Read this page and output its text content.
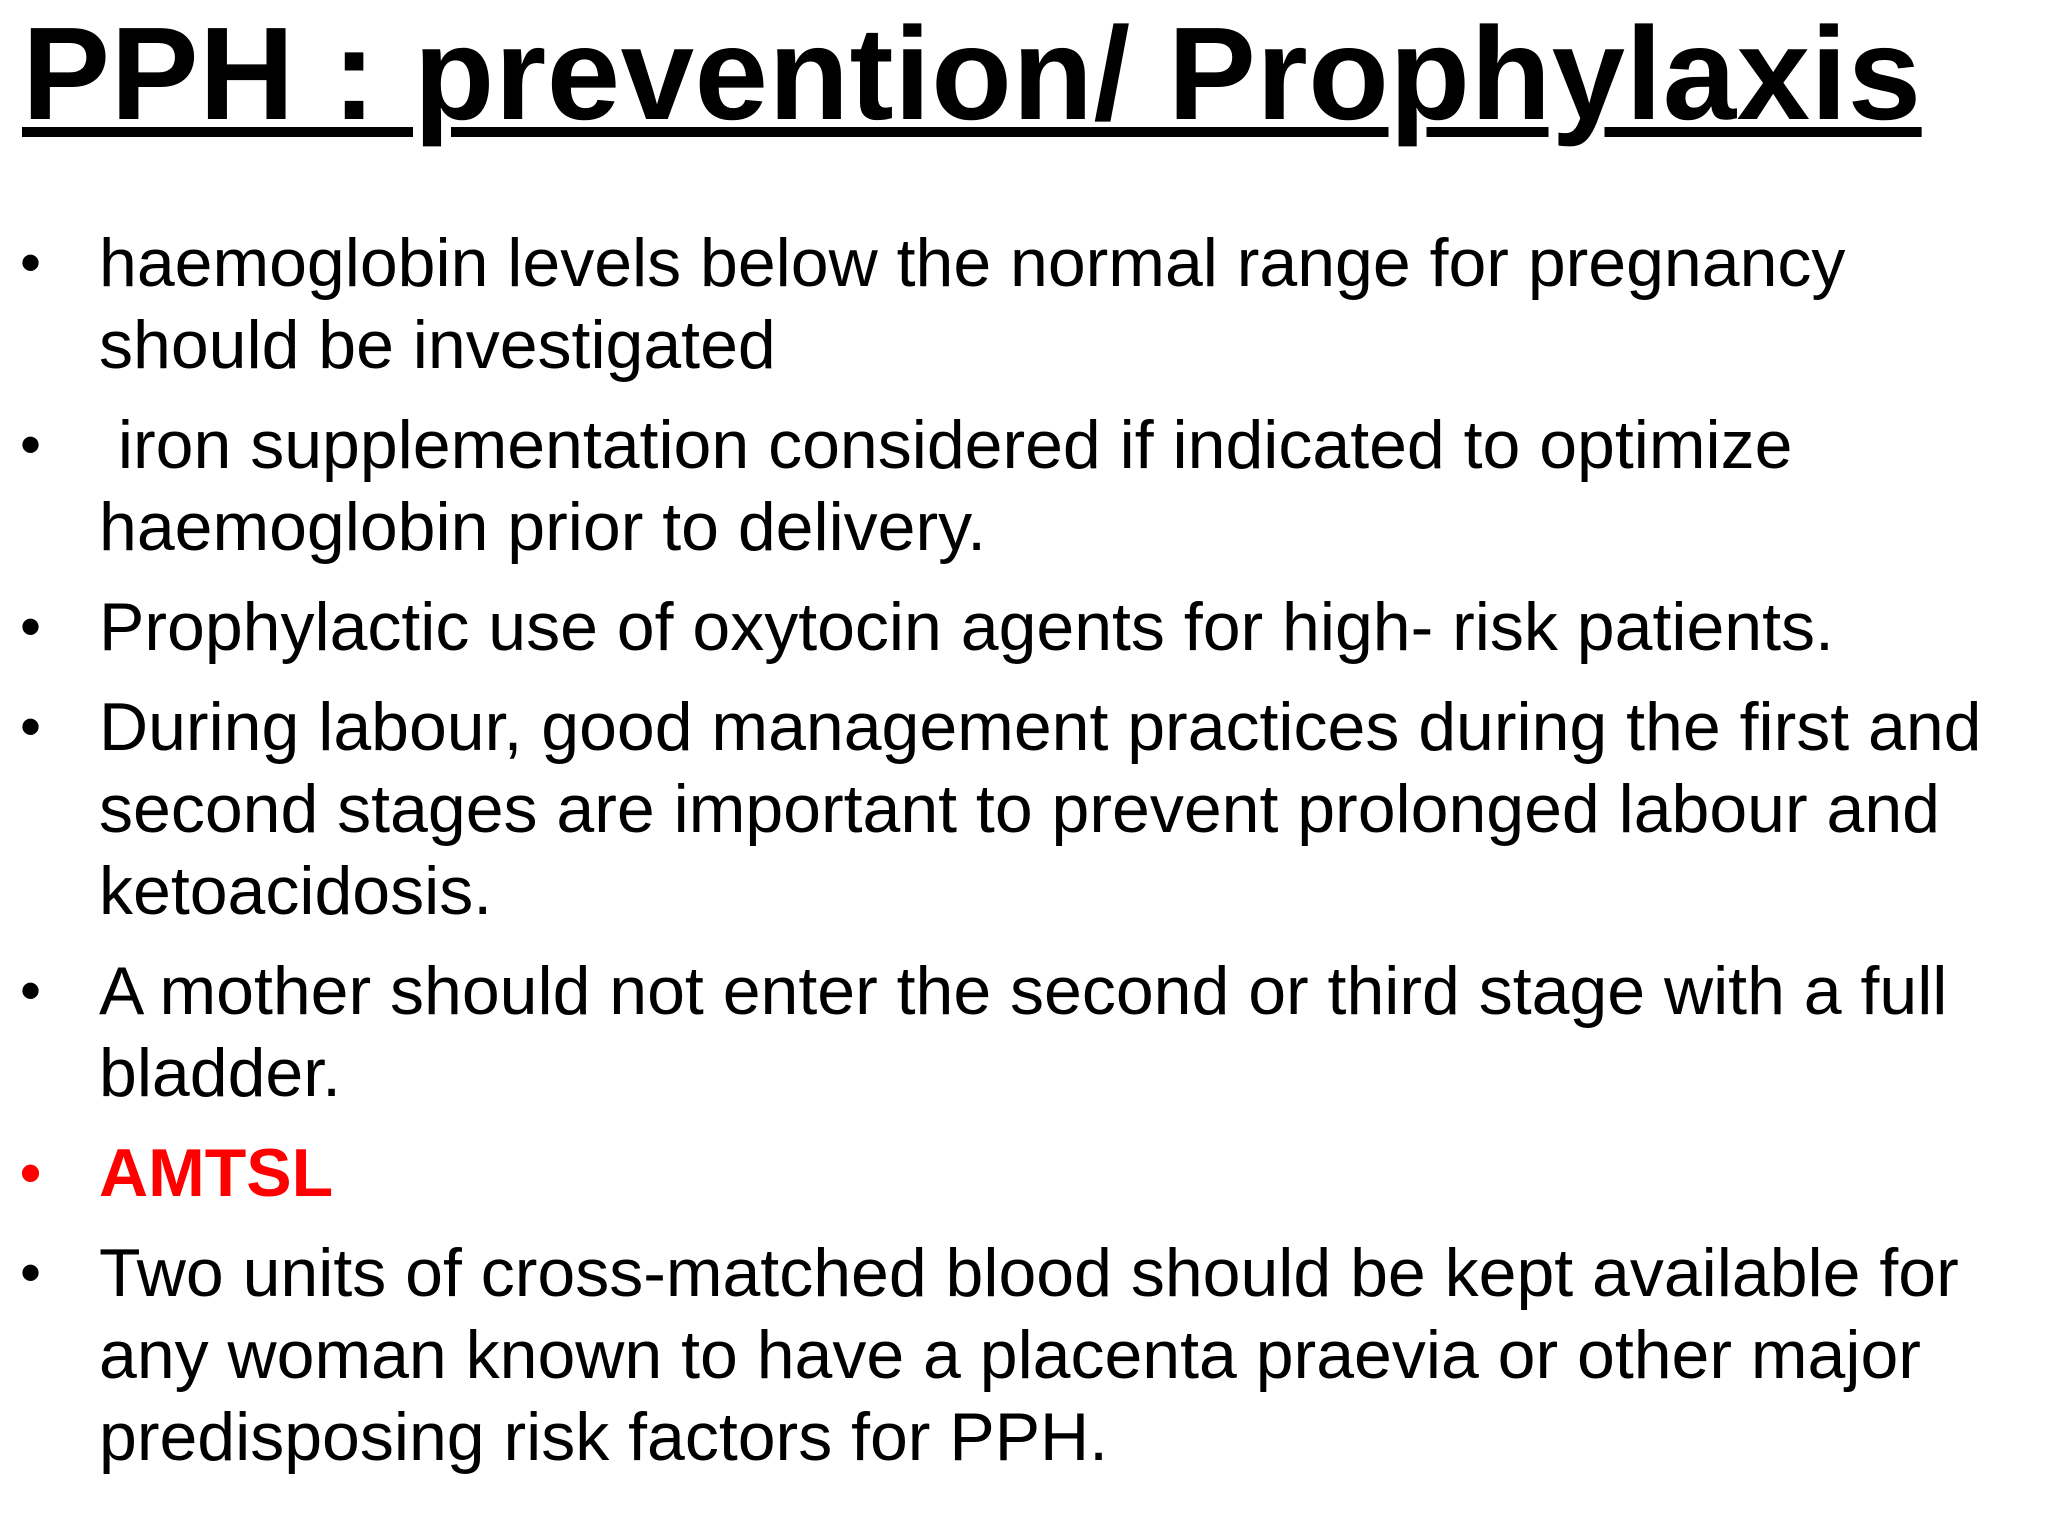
PPH : prevention/ Prophylaxis
• haemoglobin levels below the normal range for pregnancy should be investigated
• iron supplementation considered if indicated to optimize haemoglobin prior to delivery.
• Prophylactic use of oxytocin agents for high- risk patients.
• During labour, good management practices during the first and second stages are important to prevent prolonged labour and ketoacidosis.
• A mother should not enter the second or third stage with a full bladder.
• AMTSL
• Two units of cross-matched blood should be kept available for any woman known to have a placenta praevia or other major predisposing risk factors for PPH.
